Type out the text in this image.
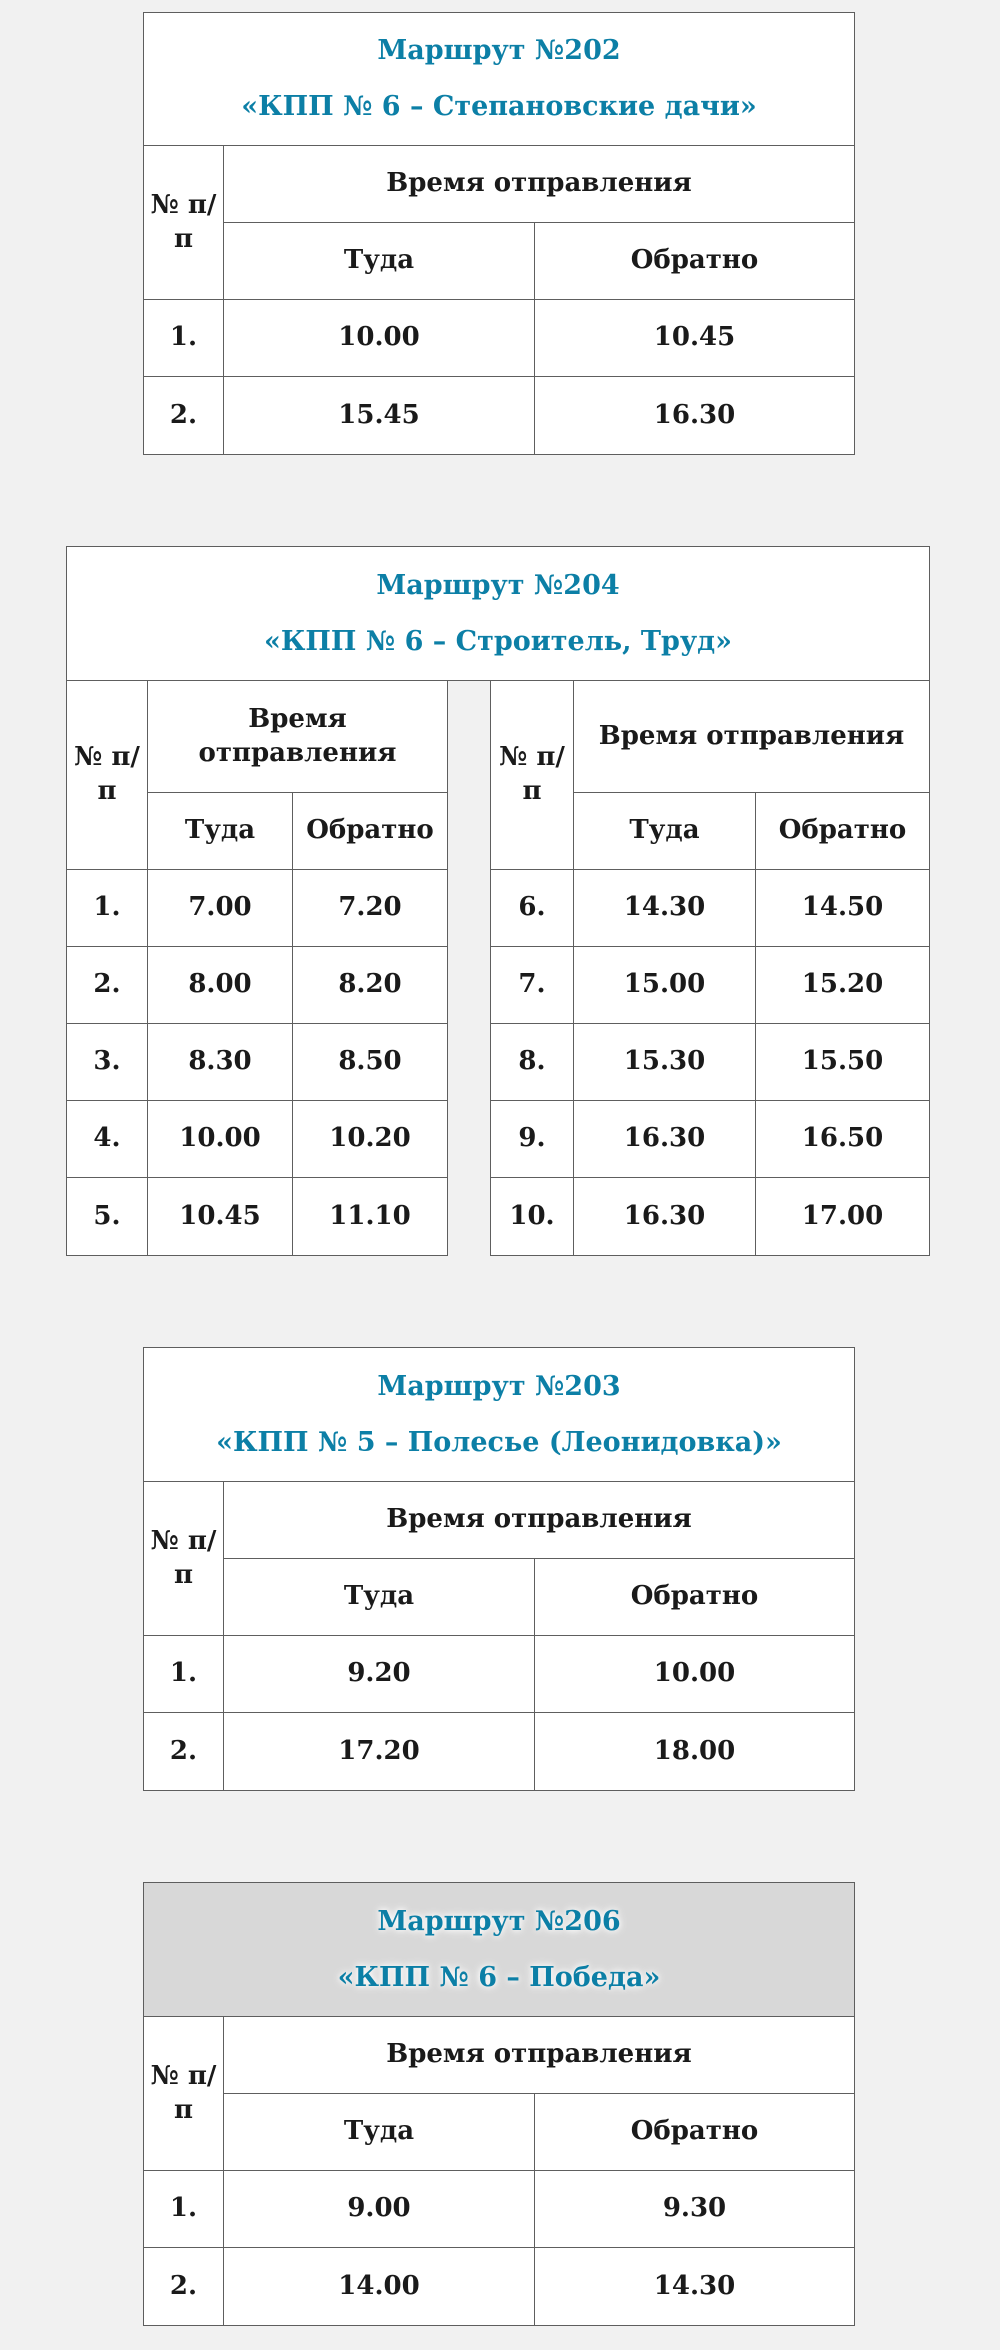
Маршрут №202
«КПП № 6 – Степановские дачи»		

№ п/п	Время отправления	
	Туда	Обратно
1.	10.00	10.45
2.	15.45	16.30
Маршрут №204
«КПП № 6 – Строитель, Труд»						

№ п/п	Время отправления			№ п/п	Время отправления	
	Туда	Обратно			Туда	Обратно
1.	7.00	7.20		6.	14.30	14.50
2.	8.00	8.20		7.	15.00	15.20
3.	8.30	8.50		8.	15.30	15.50
4.	10.00	10.20		9.	16.30	16.50
5.	10.45	11.10		10.	16.30	17.00
Маршрут №203
«КПП № 5 – Полесье (Леонидовка)»		

№ п/п	Время отправления	
	Туда	Обратно
1.	9.20	10.00
2.	17.20	18.00
Маршрут №206
«КПП № 6 – Победа»		

№ п/п	Время отправления	
	Туда	Обратно
1.	9.00	9.30
2.	14.00	14.30
